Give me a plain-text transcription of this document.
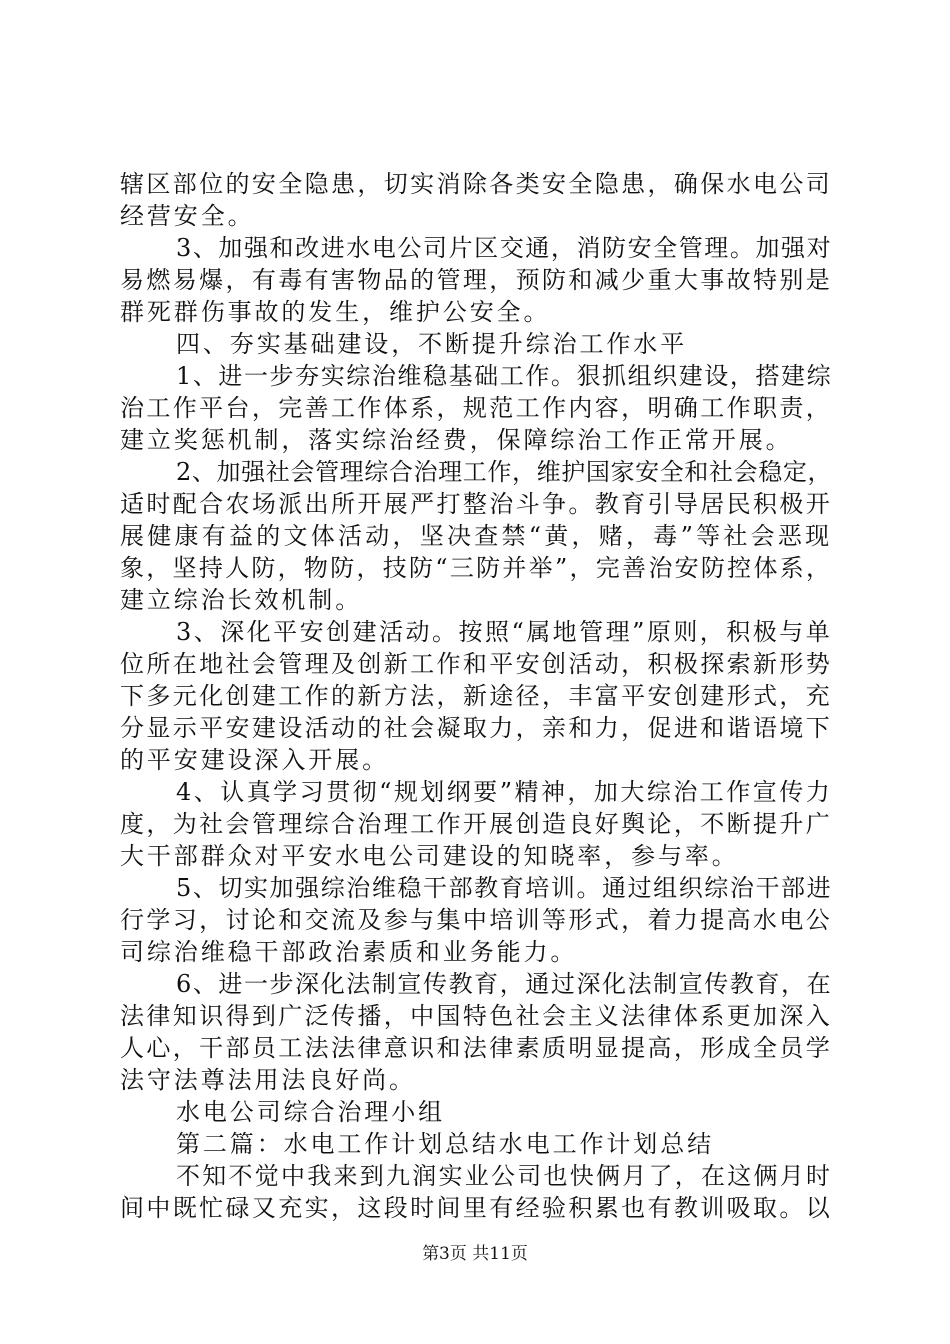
辖区部位的安全隐患，切实消除各类安全隐患，确保水电公司
经营安全。
3、加强和改进水电公司片区交通，消防安全管理。加强对
易燃易爆，有毒有害物品的管理，预防和减少重大事故特别是
群死群伤事故的发生，维护公安全。
四、夯实基础建设，不断提升综治工作水平
1、进一步夯实综治维稳基础工作。狠抓组织建设，搭建综
治工作平台，完善工作体系，规范工作内容，明确工作职责，
建立奖惩机制，落实综治经费，保障综治工作正常开展。
2、加强社会管理综合治理工作，维护国家安全和社会稳定，
适时配合农场派出所开展严打整治斗争。教育引导居民积极开
展健康有益的文体活动，坚决查禁“黄，赌，毒”等社会恶现
象，坚持人防，物防，技防“三防并举”，完善治安防控体系，
建立综治长效机制。
3、深化平安创建活动。按照“属地管理”原则，积极与单
位所在地社会管理及创新工作和平安创活动，积极探索新形势
下多元化创建工作的新方法，新途径，丰富平安创建形式，充
分显示平安建设活动的社会凝取力，亲和力，促进和谐语境下
的平安建设深入开展。
4、认真学习贯彻“规划纲要”精神，加大综治工作宣传力
度，为社会管理综合治理工作开展创造良好舆论，不断提升广
大干部群众对平安水电公司建设的知晓率，参与率。
5、切实加强综治维稳干部教育培训。通过组织综治干部进
行学习，讨论和交流及参与集中培训等形式，着力提高水电公
司综治维稳干部政治素质和业务能力。
6、进一步深化法制宣传教育，通过深化法制宣传教育，在
法律知识得到广泛传播，中国特色社会主义法律体系更加深入
人心，干部员工法法律意识和法律素质明显提高，形成全员学
法守法尊法用法良好尚。
水电公司综合治理小组
第二篇：水电工作计划总结水电工作计划总结
不知不觉中我来到九润实业公司也快俩月了，在这俩月时
间中既忙碌又充实，这段时间里有经验积累也有教训吸取。以
第3页 共11页
